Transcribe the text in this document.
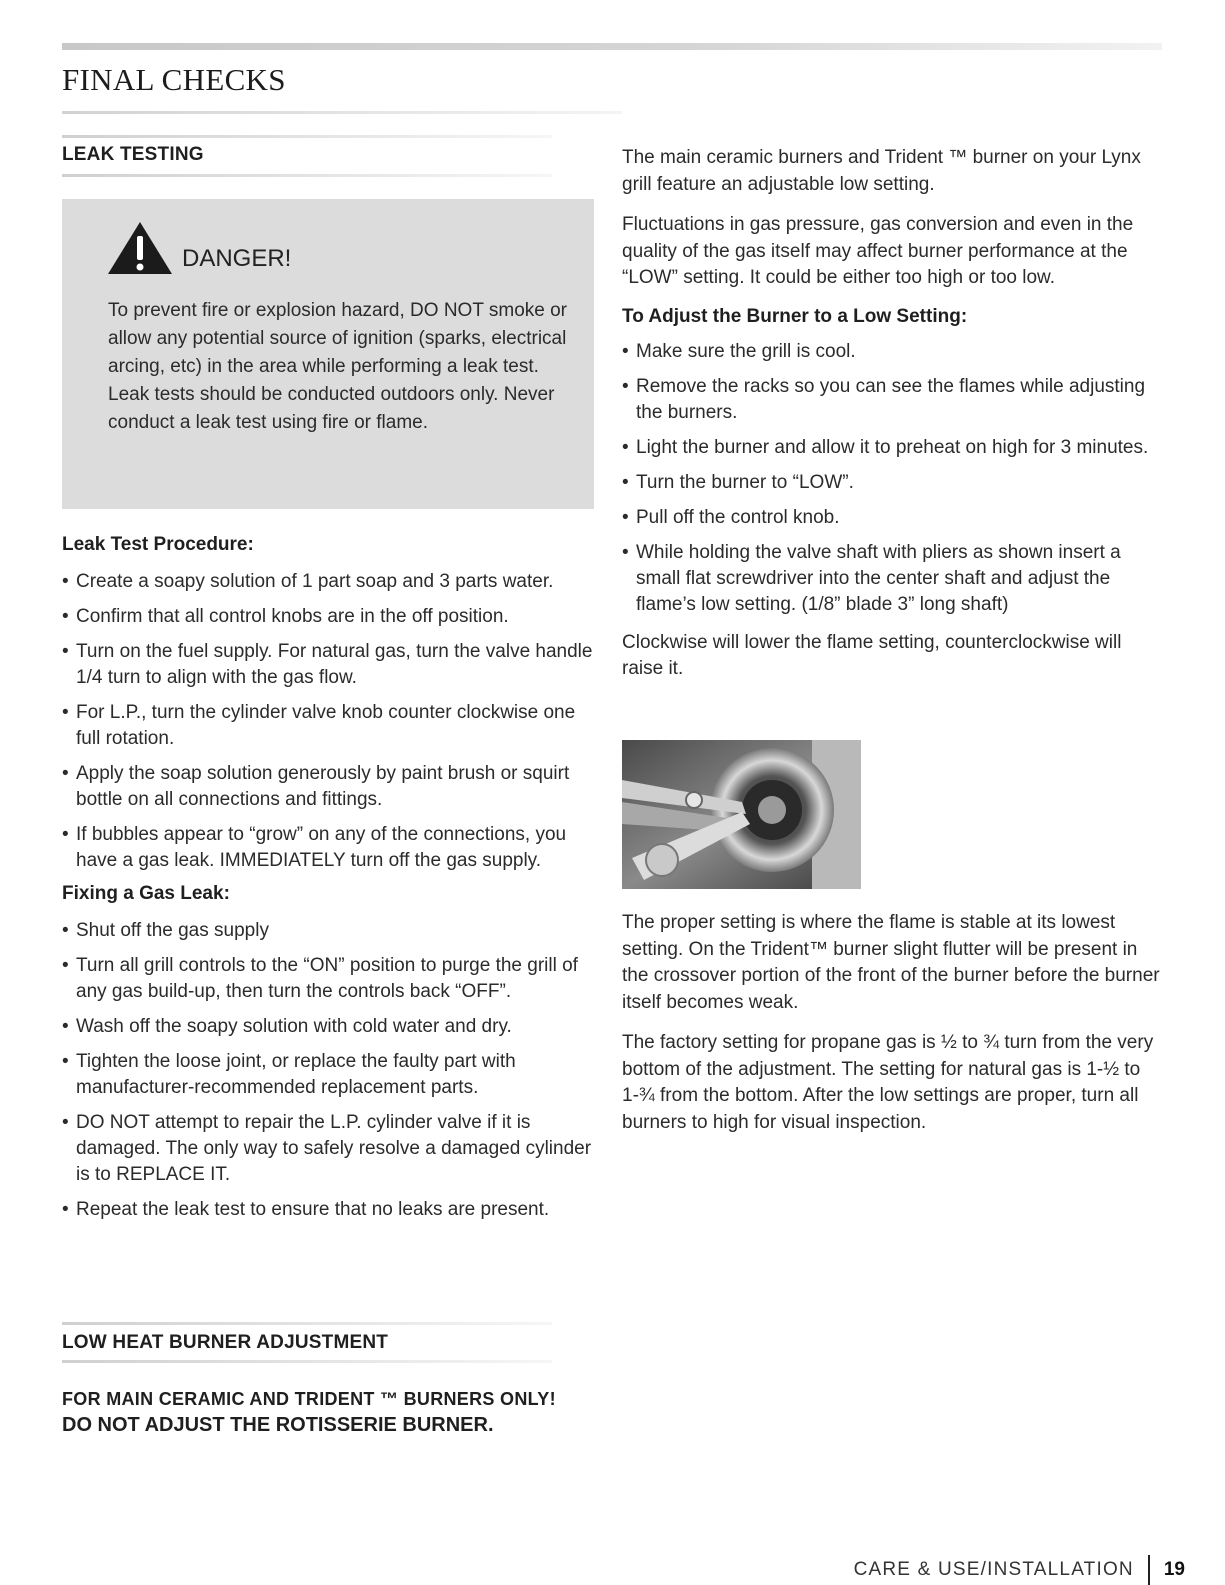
FINAL CHECKS
LEAK TESTING
DANGER!

To prevent fire or explosion hazard, DO NOT smoke or allow any potential source of ignition (sparks, electrical arcing, etc) in the area while performing a leak test. Leak tests should be conducted outdoors only. Never conduct a leak test using fire or flame.

Leak Test Procedure:
• Create a soapy solution of 1 part soap and 3 parts water.
• Confirm that all control knobs are in the off position.
• Turn on the fuel supply. For natural gas, turn the valve handle 1/4 turn to align with the gas flow.
• For L.P., turn the cylinder valve knob counter clockwise one full rotation.
• Apply the soap solution generously by paint brush or squirt bottle on all connections and fittings.
• If bubbles appear to “grow” on any of the connections, you have a gas leak. IMMEDIATELY turn off the gas supply.
Fixing a Gas Leak:
• Shut off the gas supply
• Turn all grill controls to the “ON” position to purge the grill of any gas build-up, then turn the controls back “OFF”.
• Wash off the soapy solution with cold water and dry.
• Tighten the loose joint, or replace the faulty part with manufacturer-recommended replacement parts.
• DO NOT attempt to repair the L.P. cylinder valve if it is damaged. The only way to safely resolve a damaged cylinder is to REPLACE IT.
• Repeat the leak test to ensure that no leaks are present.
LOW HEAT BURNER ADJUSTMENT
FOR MAIN CERAMIC AND TRIDENT ™ BURNERS ONLY!
DO NOT ADJUST THE ROTISSERIE BURNER.

The main ceramic burners and Trident ™ burner on your Lynx grill feature an adjustable low setting.

Fluctuations in gas pressure, gas conversion and even in the quality of the gas itself may affect burner performance at the “LOW” setting. It could be either too high or too low.

To Adjust the Burner to a Low Setting:
• Make sure the grill is cool.
• Remove the racks so you can see the flames while adjusting the burners.
• Light the burner and allow it to preheat on high for 3 minutes.
• Turn the burner to “LOW”.
• Pull off the control knob.
• While holding the valve shaft with pliers as shown insert a small flat screwdriver into the center shaft and adjust the flame’s low setting. (1/8” blade 3” long shaft)

Clockwise will lower the flame setting, counterclockwise will raise it.

The proper setting is where the flame is stable at its lowest setting. On the Trident™ burner slight flutter will be present in the crossover portion of the front of the burner before the burner itself becomes weak.

The factory setting for propane gas is ½ to ¾ turn from the very bottom of the adjustment. The setting for natural gas is 1-½ to 1-¾ from the bottom. After the low settings are proper, turn all burners to high for visual inspection.

CARE & USE/INSTALLATION 19
